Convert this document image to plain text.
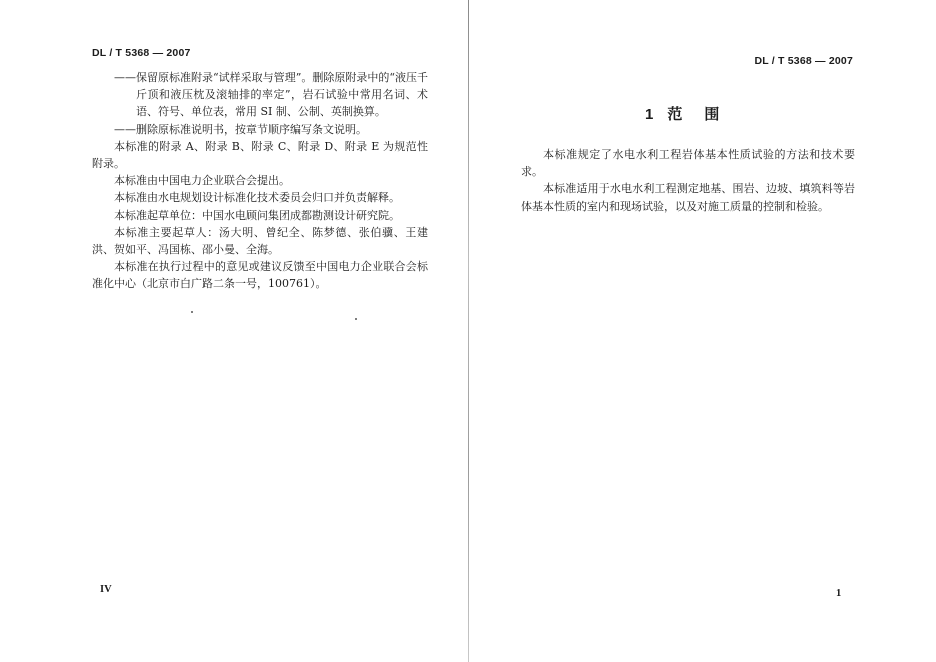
DL / T 5368 — 2007

——保留原标准附录“试样采取与管理”。删除原附录中的“液压千斤顶和液压枕及滚轴排的率定”，岩石试验中常用名词、术语、符号、单位表，常用 SI 制、公制、英制换算。

——删除原标准说明书，按章节顺序编写条文说明。

本标准的附录 A、附录 B、附录 C、附录 D、附录 E 为规范性附录。

本标准由中国电力企业联合会提出。

本标准由水电规划设计标准化技术委员会归口并负责解释。

本标准起草单位：中国水电顾问集团成都勘测设计研究院。

本标准主要起草人：汤大明、曾纪全、陈梦德、张伯骥、王建洪、贺如平、冯国栋、邵小曼、全海。

本标准在执行过程中的意见或建议反馈至中国电力企业联合会标准化中心（北京市白广路二条一号，100761）。

IV
DL / T 5368 — 2007
1 范 围

本标准规定了水电水利工程岩体基本性质试验的方法和技术要求。

本标准适用于水电水利工程测定地基、围岩、边坡、填筑料等岩体基本性质的室内和现场试验，以及对施工质量的控制和检验。

1
